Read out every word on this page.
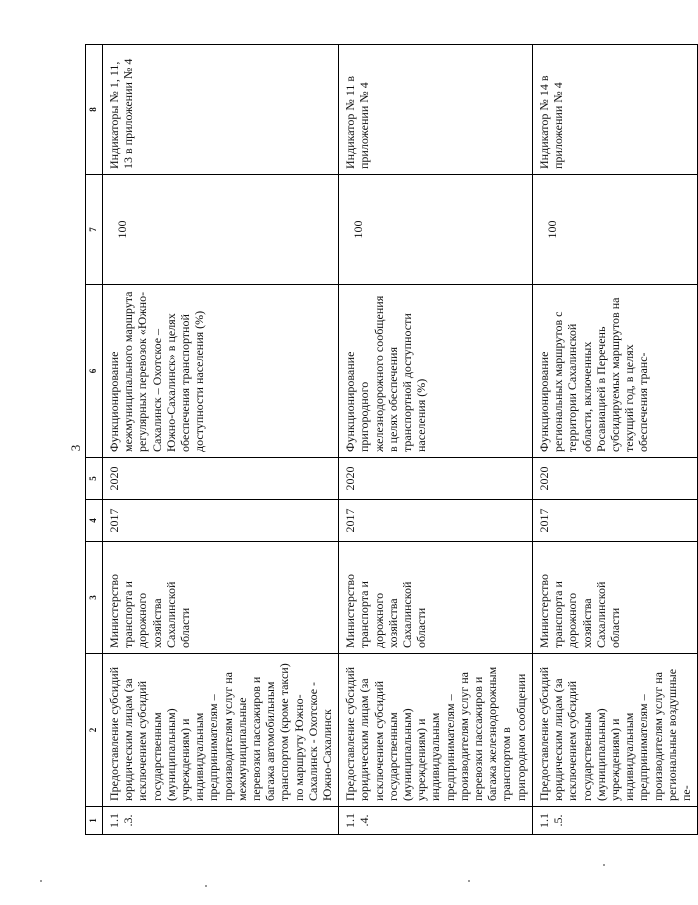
3
1	2	3	4	5	6	7	8
1.1.3.	Предоставление субсидий юридическим лицам (за исключением субсидий государственным (муниципальным) учреждениям) и индивидуальным предпринимателям – производителям услуг на межмуниципальные перевозки пассажиров и багажа автомобильным транспортом (кроме такси) по маршруту Южно-Сахалинск - Охотское - Южно-Сахалинск	Министерство транспорта и дорожного хозяйства Сахалинской области	2017	2020	Функционирование межмуниципального маршрута регулярных перевозок «Южно-Сахалинск – Охотское – Южно-Сахалинск» в целях обеспечения транспортной доступности населения (%)	100	Индикаторы № 1, 11, 13 в приложении № 4
1.1.4.	Предоставление субсидий юридическим лицам (за исключением субсидий государственным (муниципальным) учреждениям) и индивидуальным предпринимателям – производителям услуг на перевозки пассажиров и багажа железнодорожным транспортом в пригородном сообщении	Министерство транспорта и дорожного хозяйства Сахалинской области	2017	2020	Функционирование пригородного железнодорожного сообщения в целях обеспечения транспортной доступности населения (%)	100	Индикатор № 11 в приложении № 4
1.1.5.	Предоставление субсидий юридическим лицам (за исключением субсидий государственным (муниципальным) учреждениям) и индивидуальным предпринимателям – производителям услуг на региональные воздушные пе-	Министерство транспорта и дорожного хозяйства Сахалинской области	2017	2020	Функционирование региональных маршрутов с территории Сахалинской области, включенных Росавиацией в Перечень субсидируемых маршрутов на текущий год, в целях обеспечения транс-	100	Индикатор № 14 в приложении № 4
